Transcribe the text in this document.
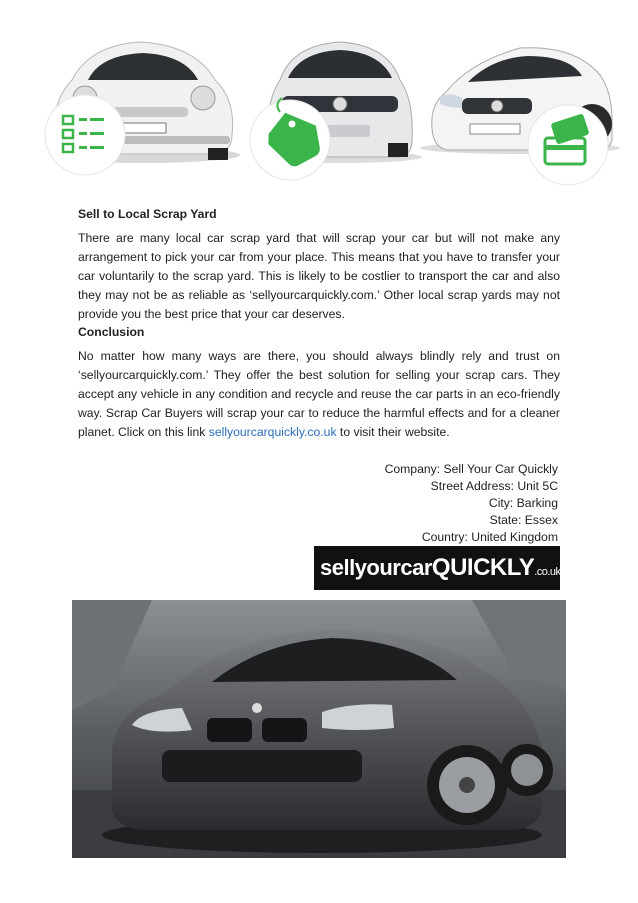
Sell to Local Scrap Yard
There are many local car scrap yard that will scrap your car but will not make any arrangement to pick your car from your place. This means that you have to transfer your car voluntarily to the scrap yard. This is likely to be costlier to transport the car and also they may not be as reliable as ‘sellyourcarquickly.com.’ Other local scrap yards may not provide you the best price that your car deserves.
Conclusion
No matter how many ways are there, you should always blindly rely and trust on ‘sellyourcarquickly.com.’ They offer the best solution for selling your scrap cars. They accept any vehicle in any condition and recycle and reuse the car parts in an eco-friendly way. Scrap Car Buyers will scrap your car to reduce the harmful effects and for a cleaner planet. Click on this link sellyourcarquickly.co.uk to visit their website.
Company: Sell Your Car Quickly
Street Address: Unit 5C
City: Barking
State: Essex
Country: United Kingdom
sellyourcarQUICKLY.co.uk
